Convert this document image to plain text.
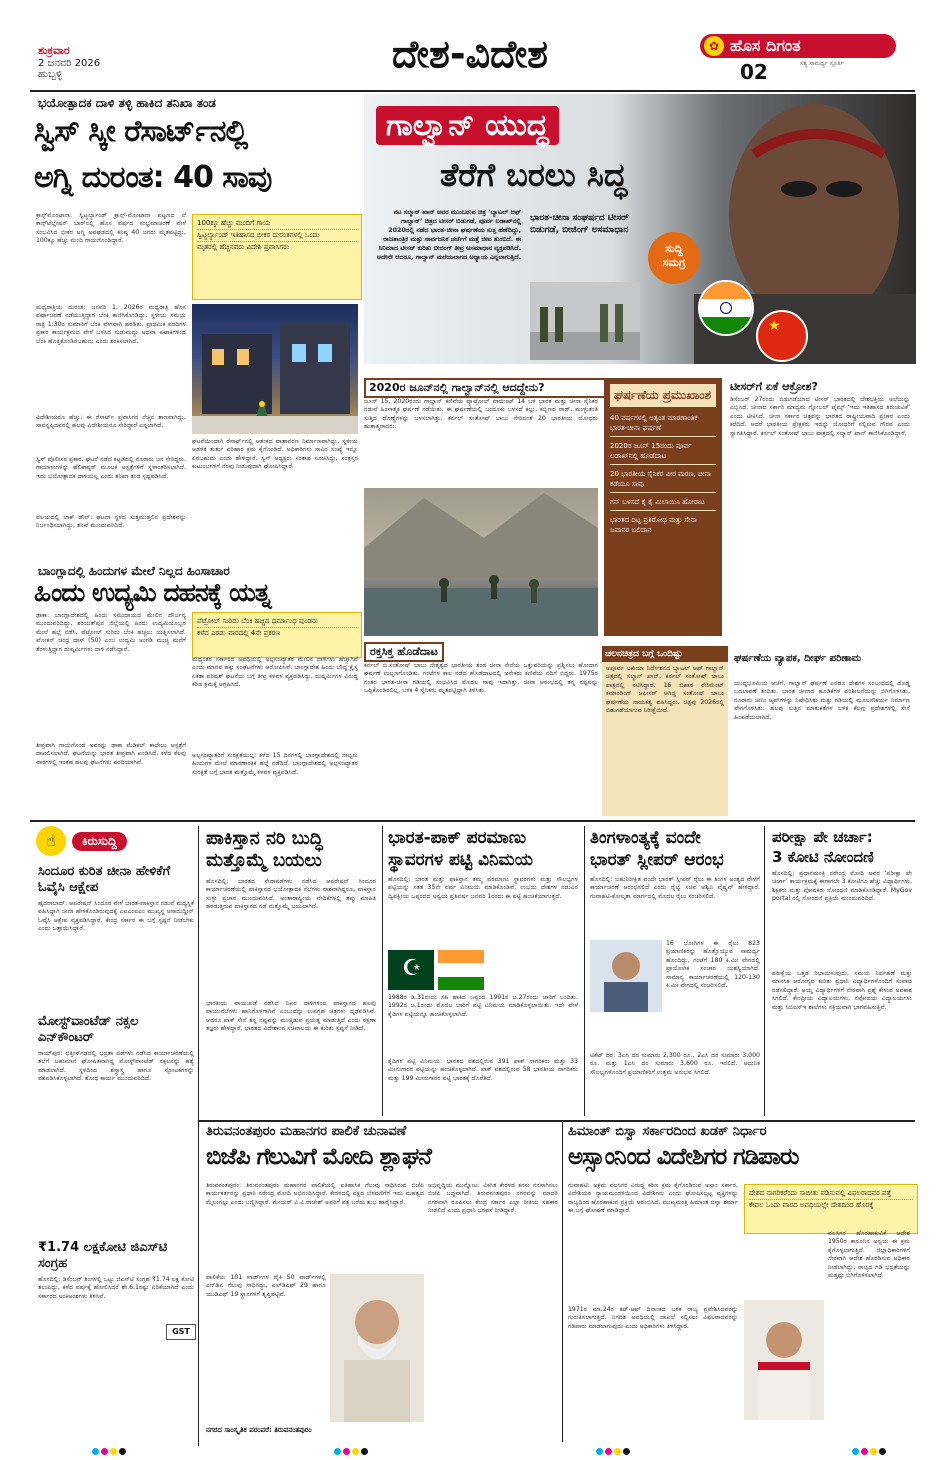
ಶುಕ್ರವಾರ
2 ಜನವರಿ 2026
ಹುಬ್ಬಳ್ಳಿ	ದೇಶ-ವಿದೇಶ	✿ ಹೊಸ ದಿಗಂತ
ಸತ್ಯ ಸಾಮರ್ಥ್ಯ ಸ್ಫೂರ್ತಿ
02
ಭಯೋತ್ಪಾದಕ ದಾಳಿ ತಳ್ಳಿ ಹಾಕಿದ ತನಿಖಾ ತಂಡ
ಸ್ವಿಸ್ ಸ್ಕೀ ರೆಸಾರ್ಟ್‌ನಲ್ಲಿ
ಅಗ್ನಿ ದುರಂತ: 40 ಸಾವು
ಕ್ರಾನ್ಸ್‌ಮೊಂಟಾನಾ: ಸ್ವಿಟ್ಜರ್ಲ್ಯಾಂಡ್ ಕ್ರಾನ್ಸ್-ಮೊಂಟಾನಾ ಪಟ್ಟಣದ ಲೆ ಕಾನ್ಸ್‌ಟೆಲ್ಲೇಷನ್ ಬಾರ್‌ನಲ್ಲಿ ಹೊಸ ವರ್ಷದ ಸಂಭ್ರಮಾಚರಣೆ ವೇಳೆ ಸಂಭವಿಸಿದ ಭೀಕರ ಅಗ್ನಿ ಅವಘಡದಲ್ಲಿ ಕನಿಷ್ಠ 40 ಜನರು ಮೃತಪಟ್ಟಿದ್ದು, 100ಕ್ಕೂ ಹೆಚ್ಚು ಮಂದಿ ಗಾಯಗೊಂಡಿದ್ದಾರೆ.
ಮಧ್ಯರಾತ್ರಿಯ ದುರಂತ: ಜನವರಿ 1, 2026ರ ಮಧ್ಯರಾತ್ರಿ ಹೊಸ ವರ್ಷಾಚರಣೆ ನಡೆಯುತ್ತಿದ್ದಾಗ ಬೆಂಕಿ ಕಾಣಿಸಿಕೊಂಡಿದ್ದು, ಸ್ಥಳೀಯ ಸಮಯ ರಾತ್ರಿ 1:30ರ ಸುಮಾರಿಗೆ ಬೆಂಕಿ ವೇಗವಾಗಿ ಹರಡಿತು. ಪ್ರಾಥಮಿಕ ವರದಿಗಳ ಪ್ರಕಾರ ಕಾರ್ಯಕ್ರಮದ ವೇಳೆ ಬಳಸಿದ ಸುಡುಮದ್ದು ಅಥವಾ ಪಟಾಕಿಗಳಿಂದ ಬೆಂಕಿ ಹೊತ್ತಿಕೊಂಡಿರಬಹುದು ಎಂದು ಶಂಕಿಸಲಾಗಿದೆ.
ವಿದೇಶೀಯರೂ ಹೆಚ್ಚು: ಈ ರೆಸಾರ್ಟ್ ಪ್ರವಾಸಿಗರ ನೆಚ್ಚಿನ ತಾಣವಾಗಿದ್ದು, ಸಾವನ್ನಪ್ಪಿದವರಲ್ಲಿ ಹಲವು ವಿದೇಶೀಯರೂ ಸೇರಿದ್ದಾರೆ ಎನ್ನಲಾಗಿದೆ.
ಸ್ವಿಸ್ ಪೊಲೀಸರ ಪ್ರಕಾರ, ಘಟನೆ ನಡೆದ ಕಟ್ಟಡದಲ್ಲಿ ನೂರಾರು ಜನ ಸೇರಿದ್ದರು. ಗಾಯಾಳುಗಳನ್ನು ಹೆಲಿಕಾಪ್ಟರ್ ಮೂಲಕ ಆಸ್ಪತ್ರೆಗಳಿಗೆ ಸ್ಥಳಾಂತರಿಸಲಾಗಿದೆ. ಇದು ಭಯೋತ್ಪಾದಕ ದಾಳಿಯಲ್ಲ ಎಂದು ತನಿಖಾ ತಂಡ ಸ್ಪಷ್ಟಪಡಿಸಿದೆ.
ವಲಯದಲ್ಲಿ ಲಾಕ್ ಡೌನ್: ಘಟನಾ ಸ್ಥಳದ ಸುತ್ತಮುತ್ತಲಿನ ಪ್ರದೇಶವನ್ನು ನಿರ್ಬಂಧಿಸಲಾಗಿದ್ದು, ತನಿಖೆ ಮುಂದುವರಿದಿದೆ.
100ಕ್ಕೂ ಹೆಚ್ಚು ಮಂದಿಗೆ ಗಾಯ
ಸ್ವಿಟ್ಜರ್ಲ್ಯಾಂಡ್ ಇತಿಹಾಸದ ಭೀಕರ ದುರಂತಗಳಲ್ಲಿ ಒಂದು
ಮೃತರಲ್ಲಿ ಹೆಚ್ಚಿನವರು ವಿದೇಶಿ ಪ್ರವಾಸಿಗರು
ಘಟನೆಯಿಂದಾಗಿ ರೆಸಾರ್ಟ್‌ನಲ್ಲಿ ಆತಂಕದ ವಾತಾವರಣ ನಿರ್ಮಾಣವಾಗಿದ್ದು, ಸ್ಥಳೀಯ ಆಡಳಿತ ತುರ್ತು ಪರಿಹಾರ ಕ್ರಮ ಕೈಗೊಂಡಿದೆ. ಅಧಿಕಾರಿಗಳು ಸಾವಿನ ಸಂಖ್ಯೆ ಇನ್ನೂ ಏರಬಹುದು ಎಂದು ಹೇಳಿದ್ದಾರೆ. ಸ್ವಿಸ್ ಅಧ್ಯಕ್ಷರು ಸಂತಾಪ ಸೂಚಿಸಿದ್ದು, ಸಂತ್ರಸ್ತರ ಕುಟುಂಬಗಳಿಗೆ ನೆರವು ನೀಡುವುದಾಗಿ ಘೋಷಿಸಿದ್ದಾರೆ.
ಗಾಲ್ವಾನ್ ಯುದ್ಧ
ತೆರೆಗೆ ಬರಲು ಸಿದ್ಧ
ನಟ ಸಲ್ಮಾನ್ ಖಾನ್ ಅವರ ಮುಂಬರುವ ಚಿತ್ರ ‘ಬ್ಯಾಟಲ್ ಆಫ್ ಗಾಲ್ವಾನ್’ ಚಿತ್ರದ ಟೀಸರ್ ಬಿಡುಗಡೆ, ಪೂರ್ವ ಲಡಾಖ್‌ನಲ್ಲಿ 2020ರಲ್ಲಿ ನಡೆದ ಭಾರತ-ಚೀನಾ ಘರ್ಷಣೆಯ ಸುತ್ತ ಹೆಣೆದಿದ್ದು, ರಾಜತಾಂತ್ರಿಕ ಮತ್ತು ಸಾರ್ವಜನಿಕ ಚರ್ಚೆಗೆ ಮತ್ತೆ ಜೀವ ತುಂಬಿದೆ. ಈ ಸಿನಿಮಾದ ಟೀಸರ್ ಕುರಿತು ಬೀಜಿಂಗ್ ತೀವ್ರ ಅಸಮಾಧಾನ ವ್ಯಕ್ತಪಡಿಸಿದೆ. ಅದೇನೇ ಆದರೂ, ಗಾಲ್ವಾನ್ ಮರೆಯಲಾಗದ ಅಧ್ಯಾಯ ಎನ್ನಲಾಗುತ್ತಿದೆ.
ಭಾರತ-ಚೀನಾ ಸಂಘರ್ಷದ ಟೀಸರ್ ಬಿಡುಗಡೆ, ಬೀಜಿಂಗ್ ಅಸಮಾಧಾನ
ಸುದ್ದಿ
ಸಮಗ್ರ
★
2020ರ ಜೂನ್‌ನಲ್ಲಿ ಗಾಲ್ವಾನ್‌ನಲ್ಲಿ ಆದದ್ದೇನು?
ಜೂನ್ 15, 2020ರಂದು ಗಾಲ್ವಾನ್ ಕಣಿವೆಯ ಪ್ಯಾಟ್ರೋಲ್ ಪಾಯಿಂಟ್ 14 ಬಳಿ ಭಾರತ ಮತ್ತು ಚೀನಾ ಸೈನಿಕರ ನಡುವೆ ಹಿಂಸಾತ್ಮಕ ಘರ್ಷಣೆ ನಡೆಯಿತು. ಈ ಘರ್ಷಣೆಯಲ್ಲಿ ಬಂದೂಕು ಬಳಸದೆ ಕಲ್ಲು, ಕಬ್ಬಿಣದ ರಾಡ್, ಮುಳ್ಳುತಂತಿ ಸುತ್ತಿದ ದೊಣ್ಣೆಗಳನ್ನು ಬಳಸಲಾಗಿತ್ತು. ಕರ್ನಲ್ ಸಂತೋಷ್ ಬಾಬು ಸೇರಿದಂತೆ 20 ಭಾರತೀಯ ಯೋಧರು ಹುತಾತ್ಮರಾದರು.
ಘರ್ಷಣೆಯ ಪ್ರಮುಖಾಂಶ
40 ವರ್ಷಗಳಲ್ಲಿ ಅತ್ಯಂತ ಮಾರಣಾಂತಿಕ ಭಾರತ-ಚೀನಾ ಘರ್ಷಣೆ
2020ರ ಜೂನ್ 15ರಂದು ಪೂರ್ವ ಲಡಾಖ್‌ನಲ್ಲಿ ಹೊಡೆದಾಟ
20 ಭಾರತೀಯ ಸೈನಿಕರ ವೀರ ಮರಣ, ಚೀನಾ ಕಡೆಯೂ ಸಾವು
ಗನ್ ಬಳಸದೆ ಕೈ ಕೈ ಮಿಲಾಯಿಸಿ ಹೋರಾಟ
ಭಾರತದ ದಿಟ್ಟ ಪ್ರತಿರೋಧ ಮತ್ತು ಸೇನಾ ಜವಾನರ ಬಲಿದಾನ
ಟೀಸರ್‌ಗೆ ಏಕೆ ಆಕ್ರೋಶ?
ಡಿಸೆಂಬರ್ 27ರಂದು ಬಿಡುಗಡೆಯಾದ ಟೀಸರ್ ಭಾರತದಲ್ಲಿ ದೇಶಭಕ್ತಿಯ ಅಲೆಯನ್ನು ಎಬ್ಬಿಸಿದೆ. ಚೀನಾದ ಸರ್ಕಾರಿ ಮಾಧ್ಯಮ ಗ್ಲೋಬಲ್ ಟೈಮ್ಸ್ ‘ಇದು ಇತಿಹಾಸದ ತಿರುಚುವಿಕೆ’ ಎಂದು ಟೀಕಿಸಿದೆ. ಚೀನಾ ಸರ್ಕಾರ ಚಿತ್ರವನ್ನು ಭಾರತದ ರಾಷ್ಟ್ರೀಯವಾದಿ ಪ್ರಚಾರ ಎಂದು ಕರೆದಿದೆ. ಆದರೆ ಭಾರತೀಯ ಪ್ರೇಕ್ಷಕರು ಇದನ್ನು ಯೋಧರಿಗೆ ಸಲ್ಲಿಸುವ ಗೌರವ ಎಂದು ಸ್ವಾಗತಿಸಿದ್ದಾರೆ. ಕರ್ನಲ್ ಸಂತೋಷ್ ಬಾಬು ಪಾತ್ರದಲ್ಲಿ ಸಲ್ಮಾನ್ ಖಾನ್ ಕಾಣಿಸಿಕೊಂಡಿದ್ದಾರೆ.
ರಕ್ತಸಿಕ್ತ ಹೊಡೆದಾಟ
ಕರ್ನಲ್ ಬಿ.ಸಂತೋಷ್ ಬಾಬು ನೇತೃತ್ವದ ಭಾರತೀಯ ತಂಡ ಚೀನಾ ಸೇನೆಯ ಒತ್ತುವರಿಯನ್ನು ಪ್ರಶ್ನಿಸಲು ಹೋದಾಗ ಘರ್ಷಣೆ ಉಲ್ಬಣಗೊಂಡಿತು. ಗಂಟೆಗಳ ಕಾಲ ನಡೆದ ಹೊಡೆದಾಟದಲ್ಲಿ ಅನೇಕರು ಕಣಿವೆಯ ನದಿಗೆ ಬಿದ್ದರು. 1975ರ ನಂತರ ಭಾರತ-ಚೀನಾ ಗಡಿಯಲ್ಲಿ ಸಂಭವಿಸಿದ ಮೊದಲ ಸಾವು ಇದಾಗಿತ್ತು. ಚೀನಾ ಆರಂಭದಲ್ಲಿ ತನ್ನ ನಷ್ಟವನ್ನು ಒಪ್ಪಿಕೊಂಡಿರಲಿಲ್ಲ, ಬಳಿಕ 4 ಸೈನಿಕರು ಮೃತಪಟ್ಟಿದ್ದಾಗಿ ತಿಳಿಸಿತು.
ಚಲನಚಿತ್ರದ ಬಗ್ಗೆ ಒಂದಿಷ್ಟು
ಅಪೂರ್ವ ಲಖಿಯಾ ನಿರ್ದೇಶನದ ಬ್ಯಾಟಲ್ ಆಫ್ ಗಾಲ್ವಾನ್ ಚಿತ್ರದಲ್ಲಿ ಸಲ್ಮಾನ್ ಖಾನ್, ಕರ್ನಲ್ ಸಂತೋಷ್ ಬಾಬು ಪಾತ್ರದಲ್ಲಿ ನಟಿಸಿದ್ದಾರೆ. 16 ಬಿಹಾರ ರೆಜಿಮೆಂಟ್ ಕಮಾಂಡಿಂಗ್ ಆಫೀಸರ್ ಆಗಿದ್ದ ಸಂತೋಷ್ ಬಾಬು ಘರ್ಷಣೆಯ ನಾಯಕತ್ವ ವಹಿಸಿದ್ದರು. ಚಿತ್ರವು 2026ರಲ್ಲಿ ಬಿಡುಗಡೆಯಾಗುವ ನಿರೀಕ್ಷೆಯಿದೆ.
ಘರ್ಷಣೆಯ ವ್ಯಾಪಕ, ದೀರ್ಘ ಪರಿಣಾಮ
ಯುದ್ಧಭೂಮಿಯ ಆಚೆಗೆ, ಗಾಲ್ವಾನ್ ಘರ್ಷಣೆ ಎರಡೂ ದೇಶಗಳ ಸಂಬಂಧದಲ್ಲಿ ದೊಡ್ಡ ಬದಲಾವಣೆ ತಂದಿತು. ಭಾರತ ಚೀನಾದ ಹೂಡಿಕೆಗಳ ಪರಿಶೀಲನೆಯನ್ನು ಬಿಗಿಗೊಳಿಸಿತು, ನೂರಾರು ಚೀನೀ ಆ್ಯಪ್‌ಗಳನ್ನು ನಿಷೇಧಿಸಿತು ಮತ್ತು ಗಡಿಯಲ್ಲಿ ಮೂಲಸೌಕರ್ಯ ನಿರ್ಮಾಣ ವೇಗಗೊಳಿಸಿತು. ಹಲವು ಸುತ್ತಿನ ಮಾತುಕತೆಗಳ ಬಳಿಕ ಕೆಲವು ಪ್ರದೇಶಗಳಲ್ಲಿ ಸೇನೆ ಹಿಂಪಡೆಯಲಾಗಿದೆ.
ಬಾಂಗ್ಲಾದಲ್ಲಿ ಹಿಂದುಗಳ ಮೇಲೆ ನಿಲ್ಲದ ಹಿಂಸಾಚಾರ
ಹಿಂದು ಉದ್ಯಮಿ ದಹನಕ್ಕೆ ಯತ್ನ
ಢಾಕಾ: ಬಾಂಗ್ಲಾದೇಶದಲ್ಲಿ ಹಿಂದು ಸಮುದಾಯದ ಮೇಲಿನ ದೌರ್ಜನ್ಯ ಮುಂದುವರಿದಿದ್ದು, ಶರಿಯತ್‌ಪುರ ಜಿಲ್ಲೆಯಲ್ಲಿ ಹಿಂದು ಉದ್ಯಮಿಯೊಬ್ಬರ ಮೇಲೆ ಹಲ್ಲೆ ನಡೆಸಿ, ಪೆಟ್ರೋಲ್ ಸುರಿದು ಬೆಂಕಿ ಹಚ್ಚಲು ಯತ್ನಿಸಲಾಗಿದೆ. ಖೋಕನ್ ಚಂದ್ರ ದಾಸ್ (50) ಎಂಬ ಉದ್ಯಮಿ ಅಂಗಡಿ ಮುಚ್ಚಿ ಮನೆಗೆ ತೆರಳುತ್ತಿದ್ದಾಗ ದುಷ್ಕರ್ಮಿಗಳು ದಾಳಿ ನಡೆಸಿದ್ದಾರೆ.
ತೀವ್ರವಾಗಿ ಗಾಯಗೊಂಡ ಅವರನ್ನು ಢಾಕಾ ಮೆಡಿಕಲ್ ಕಾಲೇಜು ಆಸ್ಪತ್ರೆಗೆ ದಾಖಲಿಸಲಾಗಿದೆ. ಘಟನೆಯನ್ನು ಭಾರತ ತೀವ್ರವಾಗಿ ಖಂಡಿಸಿದೆ. ಕಳೆದ ಕೆಲವು ವಾರಗಳಲ್ಲಿ ಇಂತಹ ಹಲವು ಘಟನೆಗಳು ವರದಿಯಾಗಿವೆ.
ಪೆಟ್ರೋಲ್ ಸುರಿದು ಬೆಂಕಿ ಹಚ್ಚಿದ ಧರ್ಮಾಂಧ ಪುಂಡರು
ಕಳೆದ ಎರಡು ವಾರದಲ್ಲಿ 4ನೇ ಪ್ರಕರಣ
ಮಧ್ಯಂತರ ಸರ್ಕಾರದ ಅವಧಿಯಲ್ಲಿ ಅಲ್ಪಸಂಖ್ಯಾತರ ಮೇಲಿನ ದಾಳಿಗಳು ಹೆಚ್ಚಾಗಿವೆ ಎಂದು ಮಾನವ ಹಕ್ಕು ಸಂಘಟನೆಗಳು ಆರೋಪಿಸಿವೆ. ಬಾಂಗ್ಲಾದೇಶ ಹಿಂದು ಬೌದ್ಧ ಕ್ರೈಸ್ತ ಏಕತಾ ಪರಿಷತ್ ಘಟನೆಯ ಬಗ್ಗೆ ತೀವ್ರ ಕಳವಳ ವ್ಯಕ್ತಪಡಿಸಿದ್ದು, ದುಷ್ಕರ್ಮಿಗಳ ವಿರುದ್ಧ ಕಠಿಣ ಕ್ರಮಕ್ಕೆ ಆಗ್ರಹಿಸಿದೆ.
ಅಲ್ಪಸಂಖ್ಯಾತರಿಗೆ ಸುರಕ್ಷತೆಯಿಲ್ಲ: ಕಳೆದ 15 ದಿನಗಳಲ್ಲಿ ಬಾಂಗ್ಲಾದೇಶದಲ್ಲಿ ನಾಲ್ವರು ಹಿಂದುಗಳ ಮೇಲೆ ಮಾರಣಾಂತಿಕ ಹಲ್ಲೆ ನಡೆದಿದೆ. ಬಾಂಗ್ಲಾದೇಶದಲ್ಲಿ ಅಲ್ಪಸಂಖ್ಯಾತರ ಸುರಕ್ಷತೆ ಬಗ್ಗೆ ಭಾರತ ಮತ್ತೊಮ್ಮೆ ಕಳವಳ ವ್ಯಕ್ತಪಡಿಸಿದೆ.
☝	ಕಿರುಸುದ್ದಿ
ಸಿಂದೂರ ಕುರಿತ ಚೀನಾ ಹೇಳಿಕೆಗೆ ಓವೈಸಿ ಆಕ್ಷೇಪ
ಹೈದರಾಬಾದ್: ಆಪರೇಷನ್ ಸಿಂದೂರ ವೇಳೆ ಭಾರತ-ಪಾಕಿಸ್ತಾನ ನಡುವೆ ಮಧ್ಯಸ್ಥಿಕೆ ವಹಿಸಿದ್ದಾಗಿ ಚೀನಾ ಹೇಳಿಕೊಂಡಿರುವುದಕ್ಕೆ ಎಐಎಂಐಎಂ ಮುಖ್ಯಸ್ಥ ಅಸಾದುದ್ದೀನ್ ಓವೈಸಿ ಆಕ್ಷೇಪ ವ್ಯಕ್ತಪಡಿಸಿದ್ದಾರೆ. ಕೇಂದ್ರ ಸರ್ಕಾರ ಈ ಬಗ್ಗೆ ಸ್ಪಷ್ಟನೆ ನೀಡಬೇಕು ಎಂದು ಒತ್ತಾಯಿಸಿದ್ದಾರೆ.
ಮೋಸ್ಟ್‌ವಾಂಟೆಡ್ ನಕ್ಸಲ ಎನ್‌ಕೌಂಟರ್
ರಾಯ್‌ಪುರ: ಛತ್ತೀಸ್‌ಗಢದಲ್ಲಿ ಭದ್ರತಾ ಪಡೆಗಳು ನಡೆಸಿದ ಕಾರ್ಯಾಚರಣೆಯಲ್ಲಿ ತಲೆಗೆ ಬಹುಮಾನ ಘೋಷಿತವಾಗಿದ್ದ ಮೋಸ್ಟ್‌ವಾಂಟೆಡ್ ನಕ್ಸಲನನ್ನು ಹತ್ಯೆ ಮಾಡಲಾಗಿದೆ. ಸ್ಥಳದಿಂದ ಶಸ್ತ್ರಾಸ್ತ್ರ ಹಾಗೂ ಸ್ಫೋಟಕಗಳನ್ನು ವಶಪಡಿಸಿಕೊಳ್ಳಲಾಗಿದೆ. ಶೋಧ ಕಾರ್ಯ ಮುಂದುವರಿದಿದೆ.
₹1.74 ಲಕ್ಷಕೋಟಿ ಜಿಎಸ್‌ಟಿ ಸಂಗ್ರಹ
ಹೊಸದಿಲ್ಲಿ: ಡಿಸೆಂಬರ್ ತಿಂಗಳಲ್ಲಿ ಒಟ್ಟು ಜಿಎಸ್‌ಟಿ ಸಂಗ್ರಹ ₹1.74 ಲಕ್ಷ ಕೋಟಿ ತಲುಪಿದ್ದು, ಕಳೆದ ವರ್ಷಕ್ಕೆ ಹೋಲಿಸಿದರೆ ಶೇ.6.1ರಷ್ಟು ಏರಿಕೆಯಾಗಿದೆ ಎಂದು ಸರ್ಕಾರದ ಅಂಕಿಅಂಶಗಳು ತಿಳಿಸಿವೆ.
GST
ಪಾಕಿಸ್ತಾನ ನರಿ ಬುದ್ಧಿ
ಮತ್ತೊಮ್ಮೆ ಬಯಲು
ಹೊಸದಿಲ್ಲಿ: ಭಾರತದ ಸೇನಾಪಡೆಗಳು ನಡೆಸಿದ ಆಪರೇಷನ್ ಸಿಂದೂರ ಕಾರ್ಯಾಚರಣೆಯಲ್ಲಿ ಪಾಕಿಸ್ತಾನದ ಭಯೋತ್ಪಾದಕ ನೆಲೆಗಳು ನಾಶವಾಗಿದ್ದರೂ, ಪಾಕಿಸ್ತಾನ ಸುಳ್ಳು ಪ್ರಚಾರ ಮುಂದುವರಿಸಿದೆ. ಅಂತಾರಾಷ್ಟ್ರೀಯ ವೇದಿಕೆಗಳಲ್ಲಿ ತಪ್ಪು ಮಾಹಿತಿ ಹರಡುತ್ತಿರುವ ಪಾಕಿಸ್ತಾನದ ನಡೆ ಮತ್ತೊಮ್ಮೆ ಬಯಲಾಗಿದೆ.
ಭಾರತೀಯ ವಾಯುಪಡೆ ನಡೆಸಿದ ನಿಖರ ದಾಳಿಗಳಿಂದ ಪಾಕಿಸ್ತಾನದ ಹಲವು ವಾಯುನೆಲೆಗಳು ಹಾನಿಗೊಳಗಾಗಿವೆ ಎಂಬುದನ್ನು ಉಪಗ್ರಹ ಚಿತ್ರಗಳು ದೃಢಪಡಿಸಿವೆ. ಆದರೂ ಪಾಕ್ ಸೇನೆ ತನ್ನ ನಷ್ಟವನ್ನು ಮುಚ್ಚಿಡುವ ಪ್ರಯತ್ನ ಮಾಡುತ್ತಿದೆ ಎಂದು ರಕ್ಷಣಾ ತಜ್ಞರು ಹೇಳಿದ್ದಾರೆ. ಭಾರತದ ವಿದೇಶಾಂಗ ಸಚಿವಾಲಯ ಈ ಕುರಿತು ಸ್ಪಷ್ಟನೆ ನೀಡಿದೆ.
ಭಾರತ-ಪಾಕ್ ಪರಮಾಣು
ಸ್ಥಾವರಗಳ ಪಟ್ಟಿ ವಿನಿಮಯ
ಹೊಸದಿಲ್ಲಿ: ಭಾರತ ಮತ್ತು ಪಾಕಿಸ್ತಾನ ತಮ್ಮ ಪರಮಾಣು ಸ್ಥಾವರಗಳು ಮತ್ತು ಸೌಲಭ್ಯಗಳ ಪಟ್ಟಿಯನ್ನು ಸತತ 35ನೇ ವರ್ಷ ವಿನಿಮಯ ಮಾಡಿಕೊಂಡಿವೆ. ಉಭಯ ದೇಶಗಳ ನಡುವಿನ ದ್ವಿಪಕ್ಷೀಯ ಒಪ್ಪಂದದ ಅನ್ವಯ ಪ್ರತಿವರ್ಷ ಜನವರಿ 1ರಂದು ಈ ಪಟ್ಟಿ ಹಂಚಿಕೆಯಾಗುತ್ತದೆ.
☪
1988ರ ಡಿ.31ರಂದು ಸಹಿ ಹಾಕಿದ ಒಪ್ಪಂದ 1991ರ ಜ.27ರಂದು ಜಾರಿಗೆ ಬಂದಿತು. 1992ರ ಜ.1ರಂದು ಮೊದಲ ಬಾರಿಗೆ ಪಟ್ಟಿ ವಿನಿಮಯ ಮಾಡಿಕೊಳ್ಳಲಾಯಿತು. ಇದೇ ವೇಳೆ ಕೈದಿಗಳ ಪಟ್ಟಿಯನ್ನೂ ಹಂಚಿಕೊಳ್ಳಲಾಗಿದೆ.
ಕೈದಿಗಳ ಪಟ್ಟಿ ವಿನಿಮಯ: ಭಾರತದ ವಶದಲ್ಲಿರುವ 391 ಪಾಕ್ ನಾಗರಿಕರು ಮತ್ತು 33 ಮೀನುಗಾರರ ಪಟ್ಟಿಯನ್ನು ಹಂಚಿಕೊಳ್ಳಲಾಗಿದೆ. ಪಾಕ್ ವಶದಲ್ಲಿರುವ 58 ಭಾರತೀಯ ನಾಗರಿಕರು ಮತ್ತು 199 ಮೀನುಗಾರರ ಪಟ್ಟಿ ಭಾರತಕ್ಕೆ ದೊರೆತಿದೆ.
ತಿಂಗಳಾಂತ್ಯಕ್ಕೆ ವಂದೇ
ಭಾರತ್ ಸ್ಲೀಪರ್ ಆರಂಭ
ಹೊಸದಿಲ್ಲಿ: ಬಹುನಿರೀಕ್ಷಿತ ವಂದೇ ಭಾರತ್ ಸ್ಲೀಪರ್ ರೈಲು ಈ ತಿಂಗಳ ಅಂತ್ಯದ ವೇಳೆಗೆ ಕಾರ್ಯಾಚರಣೆ ಆರಂಭಿಸಲಿದೆ ಎಂದು ರೈಲ್ವೆ ಸಚಿವ ಅಶ್ವಿನಿ ವೈಷ್ಣವ್ ಹೇಳಿದ್ದಾರೆ. ಗುವಾಹಟಿ-ಕೋಲ್ಕತಾ ಮಾರ್ಗದಲ್ಲಿ ಮೊದಲ ರೈಲು ಸಂಚರಿಸಲಿದೆ.
16 ಬೋಗಿಗಳ ಈ ರೈಲು 823 ಪ್ರಯಾಣಿಕರನ್ನು ಹೊತ್ತೊಯ್ಯುವ ಸಾಮರ್ಥ್ಯ ಹೊಂದಿದ್ದು, ಗಂಟೆಗೆ 180 ಕಿ.ಮೀ ವೇಗದಲ್ಲಿ ಪ್ರಾಯೋಗಿಕ ಸಂಚಾರ ಯಶಸ್ವಿಯಾಗಿದೆ. ಸಾಮಾನ್ಯ ಕಾರ್ಯಾಚರಣೆಯಲ್ಲಿ 120-130 ಕಿ.ಮೀ ವೇಗದಲ್ಲಿ ಸಂಚರಿಸಲಿದೆ.
ಟಿಕೆಟ್ ದರ: 3ಎಸಿ ದರ ಸುಮಾರು 2,300 ರೂ., 2ಎಸಿ ದರ ಸುಮಾರು 3,000 ರೂ. ಮತ್ತು 1ಎಸಿ ದರ ಸುಮಾರು 3,600 ರೂ. ಇರಲಿದೆ. ಆಧುನಿಕ ಸೌಲಭ್ಯಗಳೊಂದಿಗೆ ಪ್ರಯಾಣಿಕರಿಗೆ ಉತ್ತಮ ಅನುಭವ ಸಿಗಲಿದೆ.
ಪರೀಕ್ಷಾ ಪೇ ಚರ್ಚಾ:
3 ಕೋಟಿ ನೋಂದಣಿ
ಹೊಸದಿಲ್ಲಿ: ಪ್ರಧಾನಮಂತ್ರಿ ನರೇಂದ್ರ ಮೋದಿ ಅವರ ‘ಪರೀಕ್ಷಾ ಪೇ ಚರ್ಚಾ’ ಕಾರ್ಯಕ್ರಮಕ್ಕೆ ಈಗಾಗಲೇ 3 ಕೋಟಿಗೂ ಹೆಚ್ಚು ವಿದ್ಯಾರ್ಥಿಗಳು, ಶಿಕ್ಷಕರು ಮತ್ತು ಪೋಷಕರು ನೋಂದಣಿ ಮಾಡಿಕೊಂಡಿದ್ದಾರೆ. MyGov portal ನಲ್ಲಿ ನೋಂದಣಿ ಪ್ರಕ್ರಿಯೆ ಮುಂದುವರಿದಿದೆ.
ಪರೀಕ್ಷೆಯ ಒತ್ತಡ ನಿಭಾಯಿಸುವುದು, ಸಮಯ ನಿರ್ವಹಣೆ ಮತ್ತು ಮಾನಸಿಕ ಆರೋಗ್ಯದ ಕುರಿತು ಪ್ರಧಾನಿ ವಿದ್ಯಾರ್ಥಿಗಳೊಂದಿಗೆ ಸಂವಾದ ನಡೆಸಲಿದ್ದಾರೆ. ಆಯ್ದ ವಿದ್ಯಾರ್ಥಿಗಳಿಗೆ ನೇರವಾಗಿ ಪ್ರಶ್ನೆ ಕೇಳುವ ಅವಕಾಶ ಸಿಗಲಿದೆ. ಕೇಂದ್ರೀಯ ವಿದ್ಯಾಲಯಗಳು, ನವೋದಯ ವಿದ್ಯಾಲಯಗಳು ಮತ್ತು ಸಿಬಿಎಸ್‌ಇ ಶಾಲೆಗಳು ಸಕ್ರಿಯವಾಗಿ ಭಾಗವಹಿಸುತ್ತಿವೆ.
ತಿರುವನಂತಪುರಂ ಮಹಾನಗರ ಪಾಲಿಕೆ ಚುನಾವಣೆ
ಬಿಜೆಪಿ ಗೆಲುವಿಗೆ ಮೋದಿ ಶ್ಲಾಘನೆ
ತಿರುವನಂತಪುರಂ: ತಿರುವನಂತಪುರಂ ಮಹಾನಗರ ಪಾಲಿಕೆಯಲ್ಲಿ ಐತಿಹಾಸಿಕ ಗೆಲುವು ಸಾಧಿಸಿರುವ ಬಿಜೆಪಿ ಕಾರ್ಯಕರ್ತರನ್ನು ಪ್ರಧಾನಿ ನರೇಂದ್ರ ಮೋದಿ ಅಭಿನಂದಿಸಿದ್ದಾರೆ. ಕೇರಳದಲ್ಲಿ ಪಕ್ಷದ ಬೆಳವಣಿಗೆಗೆ ಇದು ಮಹತ್ವದ ಮೈಲುಗಲ್ಲು ಎಂದು ಬಣ್ಣಿಸಿದ್ದಾರೆ. ಮೇಯರ್ ವಿ.ವಿ.ರಾಜೇಶ್ ಅವರಿಗೆ ಪತ್ರ ಬರೆದು ಶುಭ ಹಾರೈಸಿದ್ದಾರೆ.
ಪಾಲಿಕೆಯ 101 ವಾರ್ಡ್‌ಗಳ ಪೈಕಿ 50 ವಾರ್ಡ್‌ಗಳಲ್ಲಿ ಎನ್‌ಡಿಎ ಗೆಲುವು ಸಾಧಿಸಿದ್ದು, ಎಲ್‌ಡಿಎಫ್ 29 ಹಾಗೂ ಯುಡಿಎಫ್ 19 ಸ್ಥಾನಗಳಿಗೆ ತೃಪ್ತಿಪಟ್ಟಿವೆ.
ಅಭಿವೃದ್ಧಿಯ ಮುನ್ನೋಟ: ವಿಕಸಿತ ಕೇರಳದ ಕನಸು ನನಸಾಗಿಸಲು ಬಿಜೆಪಿ ಬದ್ಧವಾಗಿದೆ. ತಿರುವನಂತಪುರಂ ನಗರವನ್ನು ಮಾದರಿ ನಗರವಾಗಿ ರೂಪಿಸಲು ಕೇಂದ್ರ ಸರ್ಕಾರ ಎಲ್ಲಾ ರೀತಿಯ ಸಹಕಾರ ನೀಡಲಿದೆ ಎಂದು ಪ್ರಧಾನಿ ಭರವಸೆ ನೀಡಿದ್ದಾರೆ.
ನಗರದ ಸಾಂಸ್ಕೃತಿಕ ಪರಂಪರೆ: ತಿರುವನಂತಪುರಂ
ಹಿಮಾಂತ್ ಬಿಸ್ವಾ ಸರ್ಕಾರದಿಂದ ಖಡಕ್ ನಿರ್ಧಾರ
ಅಸ್ಸಾಂನಿಂದ ವಿದೇಶಿಗರ ಗಡಿಪಾರು
ಗುವಾಹಟಿ: ಅಕ್ರಮ ವಲಸಿಗರ ವಿರುದ್ಧ ಕಠಿಣ ಕ್ರಮ ಕೈಗೊಂಡಿರುವ ಅಸ್ಸಾಂ ಸರ್ಕಾರ, ವಿದೇಶಿಯರ ನ್ಯಾಯಮಂಡಳಿಯಿಂದ ವಿದೇಶಿಗರು ಎಂದು ಘೋಷಿಸಲ್ಪಟ್ಟ ವ್ಯಕ್ತಿಗಳನ್ನು ರಾಜ್ಯದಿಂದ ಹೊರಹಾಕುವ ಪ್ರಕ್ರಿಯೆ ಆರಂಭಿಸಿದೆ. ಮುಖ್ಯಮಂತ್ರಿ ಹಿಮಾಂತ ಬಿಸ್ವಾ ಶರ್ಮಾ ಈ ಬಗ್ಗೆ ಘೋಷಣೆ ಮಾಡಿದ್ದಾರೆ.
ದೇಶದ ನಾಗರಿಕರೆಂದು ಸಾಬೀತು ಪಡಿಸುವಲ್ಲಿ ವಿಫಲರಾದವರ ಪತ್ತೆ
ಕೇವಲ ಒಂದು ವಾರದ ಅವಧಿಯಲ್ಲೇ ದೇಶದಿಂದ ಹೊರಕ್ಕೆ
1971ರ ಮಾ.24ರ ಕಟ್-ಆಫ್ ದಿನಾಂಕದ ಬಳಿಕ ರಾಜ್ಯ ಪ್ರವೇಶಿಸಿದವರನ್ನು ಗುರುತಿಸಲಾಗುತ್ತಿದೆ. ನಿಗದಿತ ಅವಧಿಯಲ್ಲಿ ದಾಖಲೆ ಸಲ್ಲಿಸಲು ವಿಫಲರಾದವರನ್ನು ಗಡಿಪಾರು ಮಾಡಲಾಗುವುದು ಎಂದು ಅಧಿಕಾರಿಗಳು ತಿಳಿಸಿದ್ದಾರೆ.
ವಲಸಿಗರ ಹೊರಹಾಕುವಿಕೆ ಆದೇಶ 1950ರ ಕಾನೂನಿನ ಅನ್ವಯ ಈ ಕ್ರಮ ಕೈಗೊಳ್ಳಲಾಗುತ್ತಿದೆ. ಜಿಲ್ಲಾಧಿಕಾರಿಗಳಿಗೆ ನೇರವಾಗಿ ಆದೇಶ ಹೊರಡಿಸುವ ಅಧಿಕಾರ ನೀಡಲಾಗಿದ್ದು, ರಾಜ್ಯದ ಗಡಿ ಭದ್ರತೆಯನ್ನು ಮತ್ತಷ್ಟು ಬಿಗಿಗೊಳಿಸಲಾಗಿದೆ.
